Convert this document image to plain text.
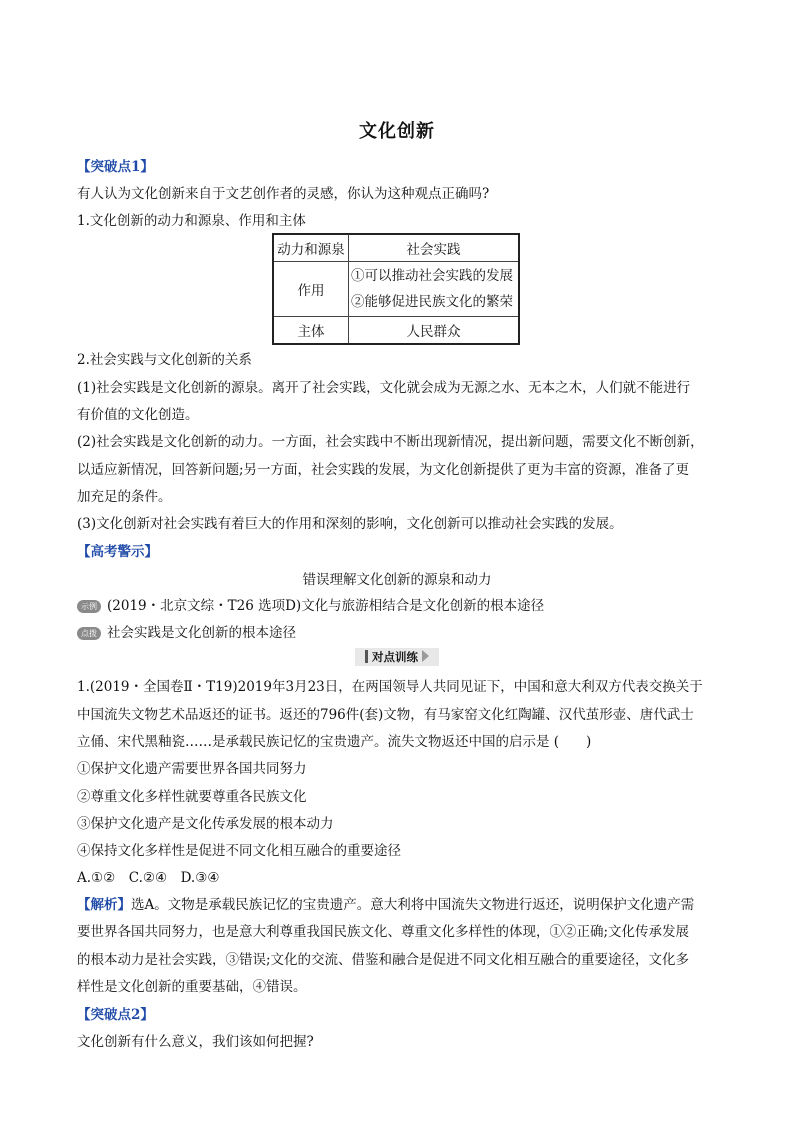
文化创新
【突破点1】
有人认为文化创新来自于文艺创作者的灵感，你认为这种观点正确吗?
1.文化创新的动力和源泉、作用和主体
动力和源泉	社会实践
作用	①可以推动社会实践的发展
②能够促进民族文化的繁荣

主体	人民群众
2.社会实践与文化创新的关系
(1)社会实践是文化创新的源泉。离开了社会实践，文化就会成为无源之水、无本之木，人们就不能进行
有价值的文化创造。
(2)社会实践是文化创新的动力。一方面，社会实践中不断出现新情况，提出新问题，需要文化不断创新，
以适应新情况，回答新问题;另一方面，社会实践的发展，为文化创新提供了更为丰富的资源，准备了更
加充足的条件。
(3)文化创新对社会实践有着巨大的作用和深刻的影响，文化创新可以推动社会实践的发展。
【高考警示】
错误理解文化创新的源泉和动力
示例 (2019・北京文综・T26 选项D)文化与旅游相结合是文化创新的根本途径
点拨 社会实践是文化创新的根本途径
对点训练
1.(2019・全国卷Ⅱ・T19)2019年3月23日，在两国领导人共同见证下，中国和意大利双方代表交换关于
中国流失文物艺术品返还的证书。返还的796件(套)文物，有马家窑文化红陶罐、汉代茧形壶、唐代武士
立俑、宋代黑釉瓷……是承载民族记忆的宝贵遗产。流失文物返还中国的启示是 (　　)
①保护文化遗产需要世界各国共同努力
②尊重文化多样性就要尊重各民族文化
③保护文化遗产是文化传承发展的根本动力
④保持文化多样性是促进不同文化相互融合的重要途径
A.①②　C.②④　D.③④
【解析】选A。文物是承载民族记忆的宝贵遗产。意大利将中国流失文物进行返还，说明保护文化遗产需
要世界各国共同努力，也是意大利尊重我国民族文化、尊重文化多样性的体现，①②正确;文化传承发展
的根本动力是社会实践，③错误;文化的交流、借鉴和融合是促进不同文化相互融合的重要途径，文化多
样性是文化创新的重要基础，④错误。
【突破点2】
文化创新有什么意义，我们该如何把握?
